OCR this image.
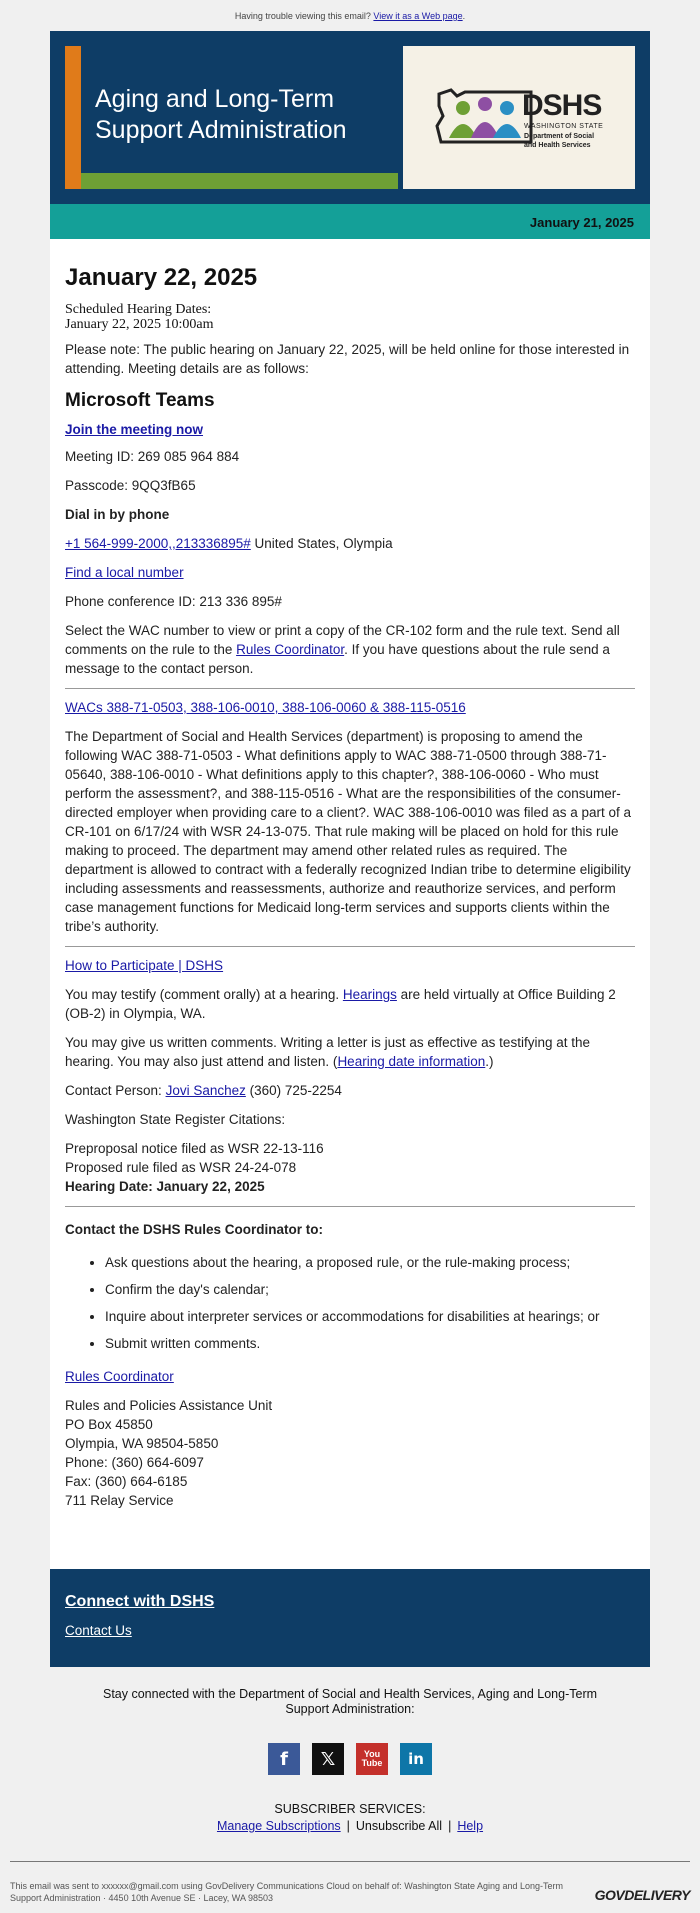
Having trouble viewing this email? View it as a Web page.
Aging and Long-Term
Support Administration
DSHS
WASHINGTON STATE
Department of Social
and Health Services
January 21, 2025
January 22, 2025
Scheduled Hearing Dates:
January 22, 2025 10:00am

Please note: The public hearing on January 22, 2025, will be held online for those interested in attending. Meeting details are as follows:

Microsoft Teams
Join the meeting now

Meeting ID: 269 085 964 884

Passcode: 9QQ3fB65

Dial in by phone

+1 564-999-2000,,213336895# United States, Olympia

Find a local number

Phone conference ID: 213 336 895#

Select the WAC number to view or print a copy of the CR-102 form and the rule text. Send all comments on the rule to the Rules Coordinator. If you have questions about the rule send a message to the contact person.

WACs 388-71-0503, 388-106-0010, 388-106-0060 & 388-115-0516

The Department of Social and Health Services (department) is proposing to amend the following WAC 388-71-0503 - What definitions apply to WAC 388-71-0500 through 388-71-05640, 388-106-0010 - What definitions apply to this chapter?, 388-106-0060 - Who must perform the assessment?, and 388-115-0516 - What are the responsibilities of the consumer-directed employer when providing care to a client?. WAC 388-106-0010 was filed as a part of a CR-101 on 6/17/24 with WSR 24-13-075. That rule making will be placed on hold for this rule making to proceed. The department may amend other related rules as required. The department is allowed to contract with a federally recognized Indian tribe to determine eligibility including assessments and reassessments, authorize and reauthorize services, and perform case management functions for Medicaid long-term services and supports clients within the tribe’s authority.

How to Participate | DSHS

You may testify (comment orally) at a hearing. Hearings are held virtually at Office Building 2 (OB-2) in Olympia, WA.

You may give us written comments. Writing a letter is just as effective as testifying at the hearing. You may also just attend and listen. (Hearing date information.)

Contact Person: Jovi Sanchez (360) 725-2254

Washington State Register Citations:

Preproposal notice filed as WSR 22-13-116

Proposed rule filed as WSR 24-24-078

Hearing Date: January 22, 2025

Contact the DSHS Rules Coordinator to:

• Ask questions about the hearing, a proposed rule, or the rule-making process;
• Confirm the day's calendar;
• Inquire about interpreter services or accommodations for disabilities at hearings; or
• Submit written comments.

Rules Coordinator

Rules and Policies Assistance Unit

PO Box 45850

Olympia, WA 98504-5850

Phone: (360) 664-6097

Fax: (360) 664-6185

711 Relay Service

Connect with DSHS
Contact Us
Stay connected with the Department of Social and Health Services, Aging and Long-Term Support Administration:
f	𝕏	You Tube	in
SUBSCRIBER SERVICES:
Manage Subscriptions | Unsubscribe All | Help
This email was sent to xxxxxx@gmail.com using GovDelivery Communications Cloud on behalf of: Washington State Aging and Long-Term Support Administration · 4450 10th Avenue SE · Lacey, WA 98503	GOVDELIVERY
